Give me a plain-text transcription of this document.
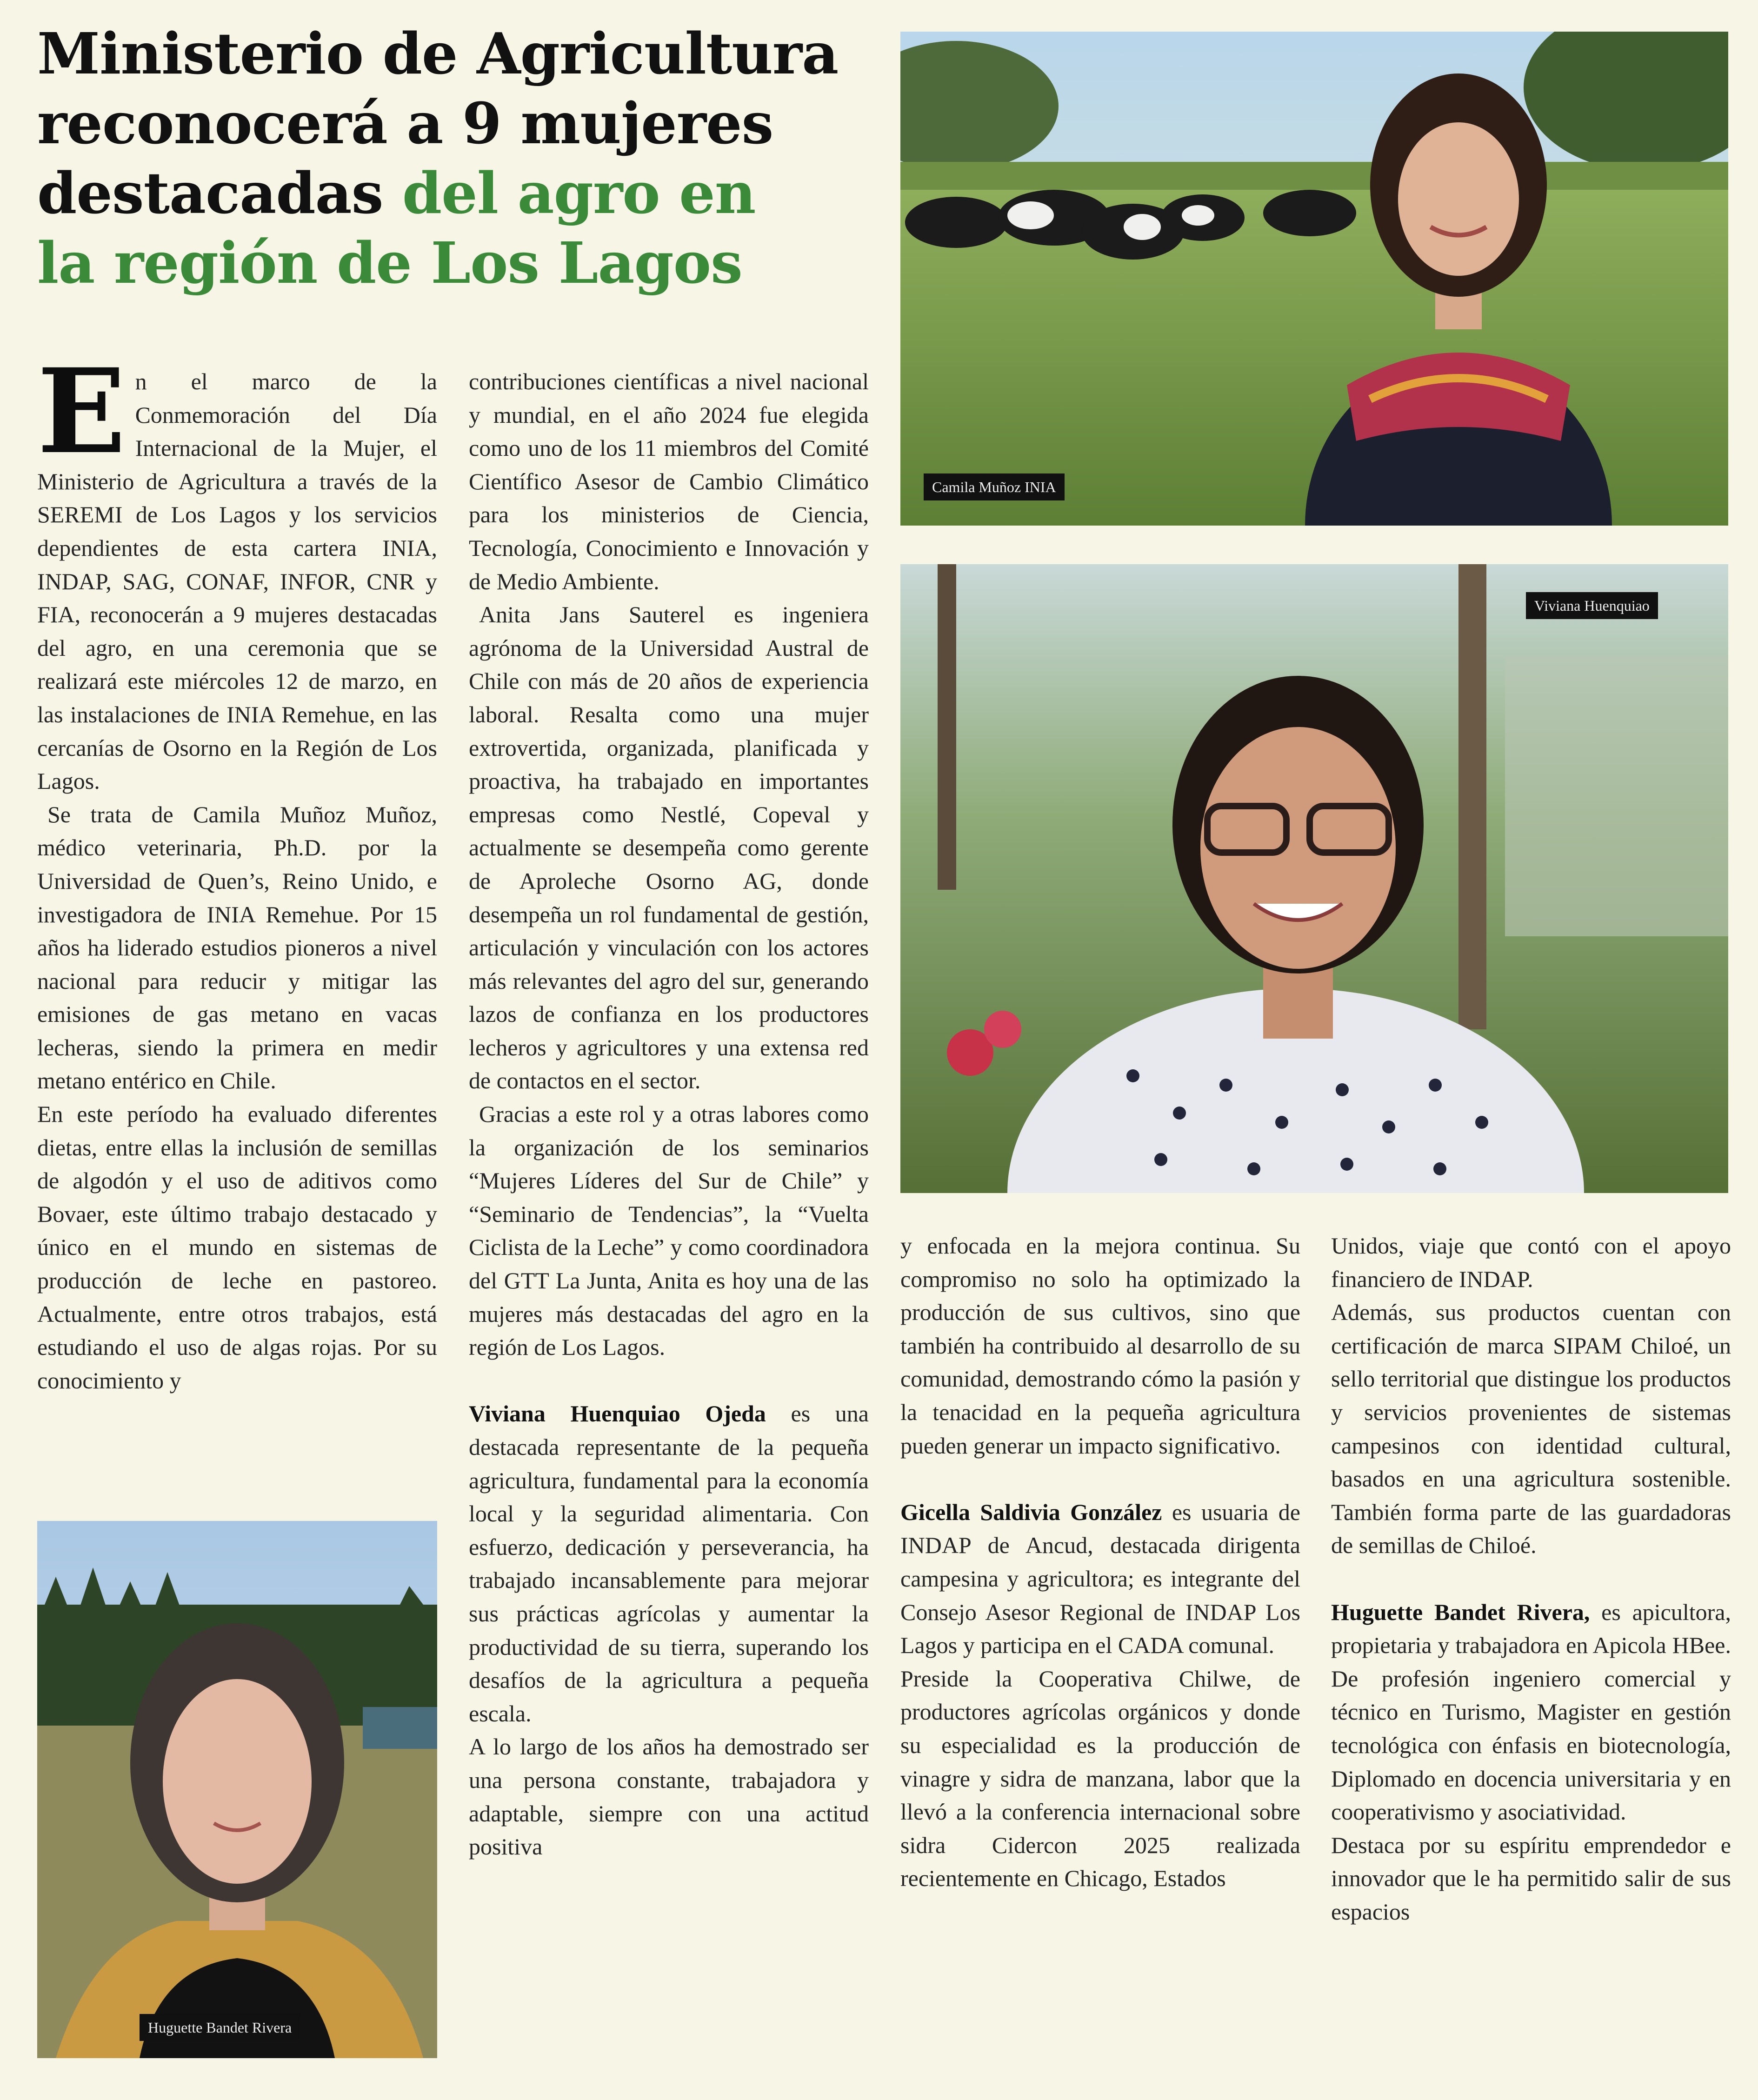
Ministerio de Agricultura
reconocerá a 9 mujeres
destacadas del agro en
la región de Los Lagos

En el marco de la Conmemoración del Día Internacional de la Mujer, el Ministerio de Agricultura a través de la SEREMI de Los Lagos y los servicios dependientes de esta cartera INIA, INDAP, SAG, CONAF, INFOR, CNR y FIA, reconocerán a 9 mujeres destacadas del agro, en una ceremonia que se realizará este miércoles 12 de marzo, en las instalaciones de INIA Remehue, en las cercanías de Osorno en la Región de Los Lagos.

Se trata de Camila Muñoz Muñoz, médico veterinaria, Ph.D. por la Universidad de Quen’s, Reino Unido, e investigadora de INIA Remehue. Por 15 años ha liderado estudios pioneros a nivel nacional para reducir y mitigar las emisiones de gas metano en vacas lecheras, siendo la primera en medir metano entérico en Chile.

En este período ha evaluado diferentes dietas, entre ellas la inclusión de semillas de algodón y el uso de aditivos como Bovaer, este último trabajo destacado y único en el mundo en sistemas de producción de leche en pastoreo. Actualmente, entre otros trabajos, está estudiando el uso de algas rojas. Por su conocimiento y

contribuciones científicas a nivel nacional y mundial, en el año 2024 fue elegida como uno de los 11 miembros del Comité Científico Asesor de Cambio Climático para los ministerios de Ciencia, Tecnología, Conocimiento e Innovación y de Medio Ambiente.

Anita Jans Sauterel es ingeniera agrónoma de la Universidad Austral de Chile con más de 20 años de experiencia laboral. Resalta como una mujer extrovertida, organizada, planificada y proactiva, ha trabajado en importantes empresas como Nestlé, Copeval y actualmente se desempeña como gerente de Aproleche Osorno AG, donde desempeña un rol fundamental de gestión, articulación y vinculación con los actores más relevantes del agro del sur, generando lazos de confianza en los productores lecheros y agricultores y una extensa red de contactos en el sector.

Gracias a este rol y a otras labores como la organización de los seminarios “Mujeres Líderes del Sur de Chile” y “Seminario de Tendencias”, la “Vuelta Ciclista de la Leche” y como coordinadora del GTT La Junta, Anita es hoy una de las mujeres más destacadas del agro en la región de Los Lagos.

Viviana Huenquiao Ojeda es una destacada representante de la pequeña agricultura, fundamental para la economía local y la seguridad alimentaria. Con esfuerzo, dedicación y perseverancia, ha trabajado incansablemente para mejorar sus prácticas agrícolas y aumentar la productividad de su tierra, superando los desafíos de la agricultura a pequeña escala.

A lo largo de los años ha demostrado ser una persona constante, trabajadora y adaptable, siempre con una actitud positiva

y enfocada en la mejora continua. Su compromiso no solo ha optimizado la producción de sus cultivos, sino que también ha contribuido al desarrollo de su comunidad, demostrando cómo la pasión y la tenacidad en la pequeña agricultura pueden generar un impacto significativo.

Gicella Saldivia González es usuaria de INDAP de Ancud, destacada dirigenta campesina y agricultora; es integrante del Consejo Asesor Regional de INDAP Los Lagos y participa en el CADA comunal.

Preside la Cooperativa Chilwe, de productores agrícolas orgánicos y donde su especialidad es la producción de vinagre y sidra de manzana, labor que la llevó a la conferencia internacional sobre sidra Cidercon 2025 realizada recientemente en Chicago, Estados

Unidos, viaje que contó con el apoyo financiero de INDAP.

Además, sus productos cuentan con certificación de marca SIPAM Chiloé, un sello territorial que distingue los productos y servicios provenientes de sistemas campesinos con identidad cultural, basados en una agricultura sostenible. También forma parte de las guardadoras de semillas de Chiloé.

Huguette Bandet Rivera, es apicultora, propietaria y trabajadora en Apicola HBee. De profesión ingeniero comercial y técnico en Turismo, Magister en gestión tecnológica con énfasis en biotecnología, Diplomado en docencia universitaria y en cooperativismo y asociatividad.

Destaca por su espíritu emprendedor e innovador que le ha permitido salir de sus espacios

Camila Muñoz INIA
Viviana Huenquiao
Huguette Bandet Rivera
